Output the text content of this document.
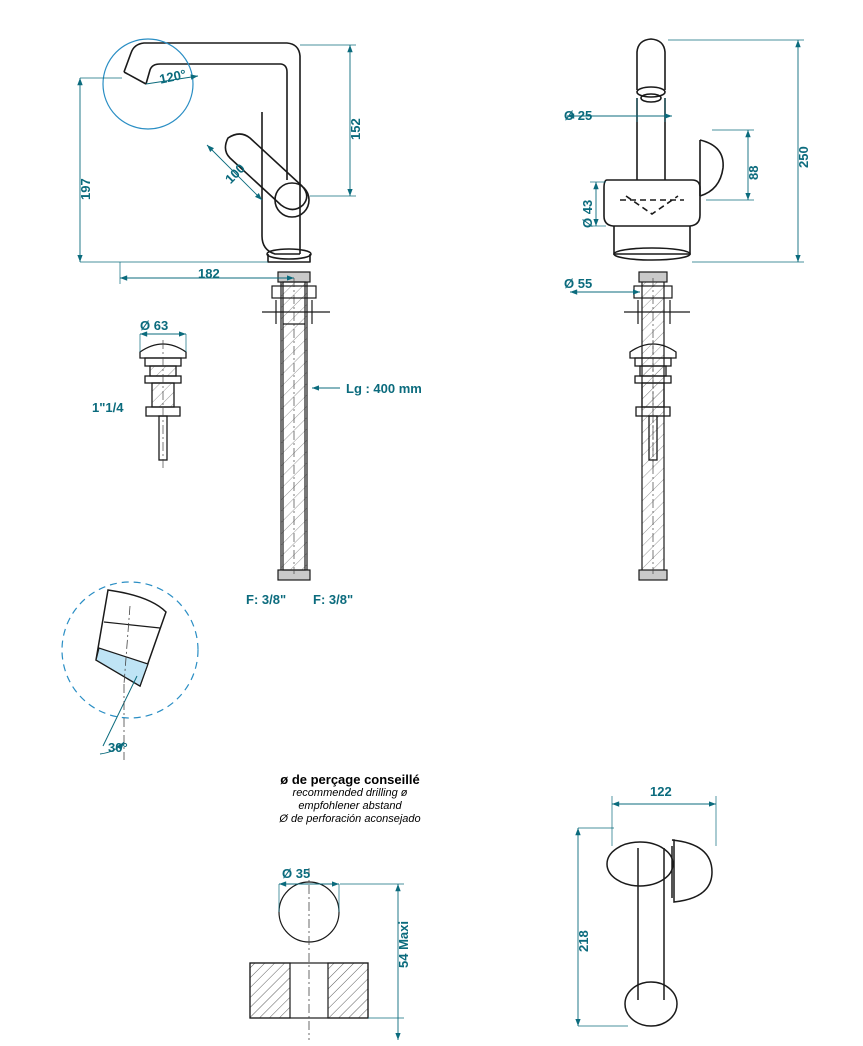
197
152
182
100
120°
Lg : 400 mm
F: 3/8" F: 3/8"
Ø 63
1"1/4
Ø 25
Ø 43
Ø 55
88
250
30°
ø de perçage conseillé
recommended drilling ø
empfohlener abstand
Ø de perforación aconsejado
Ø 35
54 Maxi
122
218
